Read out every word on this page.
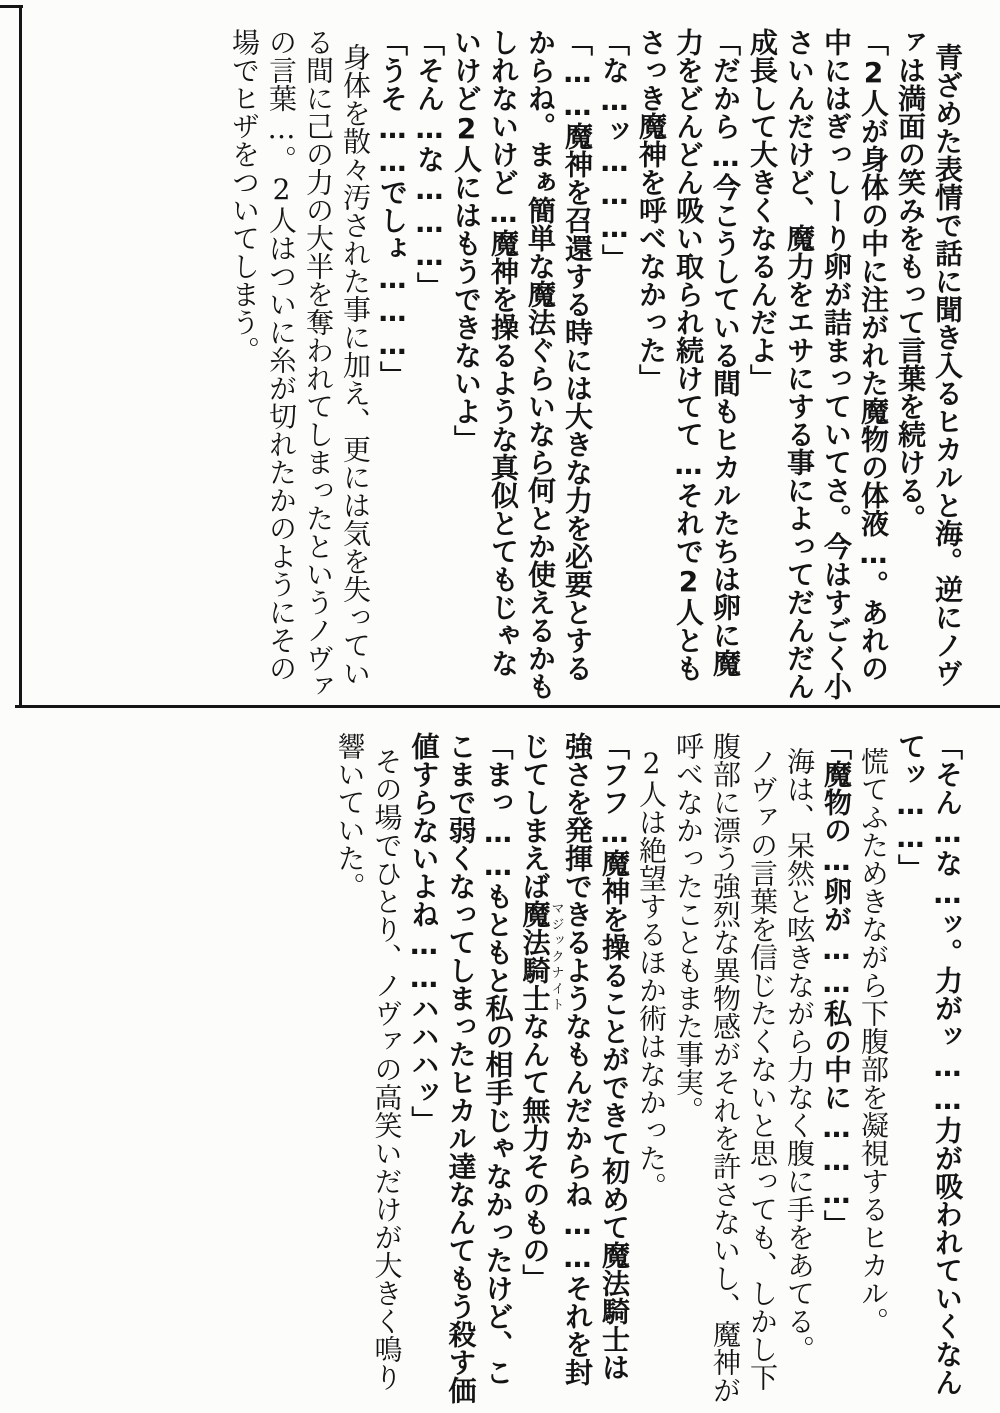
青ざめた表情で話に聞き入るヒカルと海。逆にノヴァは満面の笑みをもって言葉を続ける。

「2人が身体の中に注がれた魔物の体液…。あれの中にはぎっしーり卵が詰まっていてさ。今はすごく小さいんだけど、魔力をエサにする事によってだんだん成長して大きくなるんだよ」

「だから…今こうしている間もヒカルたちは卵に魔力をどんどん吸い取られ続けてて…それで2人ともさっき魔神を呼べなかった」

「な…ッ………」

「……魔神を召還する時には大きな力を必要とするからね。まぁ簡単な魔法ぐらいなら何とか使えるかもしれないけど…魔神を操るような真似とてもじゃないけど2人にはもうできないよ」

「そん…な………」

「うそ……でしょ………」

身体を散々汚された事に加え、更には気を失っている間に己の力の大半を奪われてしまったというノヴァの言葉…。2人はついに糸が切れたかのようにその場でヒザをついてしまう。

「そん…な…ッ。力がッ……力が吸われていくなんてッ……」

慌てふためきながら下腹部を凝視するヒカル。

「魔物の…卵が……私の中に………」

海は、呆然と呟きながら力なく腹に手をあてる。

ノヴァの言葉を信じたくないと思っても、しかし下腹部に漂う強烈な異物感がそれを許さないし、魔神が呼べなかったこともまた事実。

2人は絶望するほか術はなかった。

「フフ…魔神を操ることができて初めて魔法騎士は強さを発揮できるようなもんだからね……それを封じてしまえば魔法騎士マジックナイトなんて無力そのもの」

「まっ……もともと私の相手じゃなかったけど、ここまで弱くなってしまったヒカル達なんてもう殺す価値すらないよね……ハハハッ」

その場でひとり、ノヴァの高笑いだけが大きく鳴り響いていた。
